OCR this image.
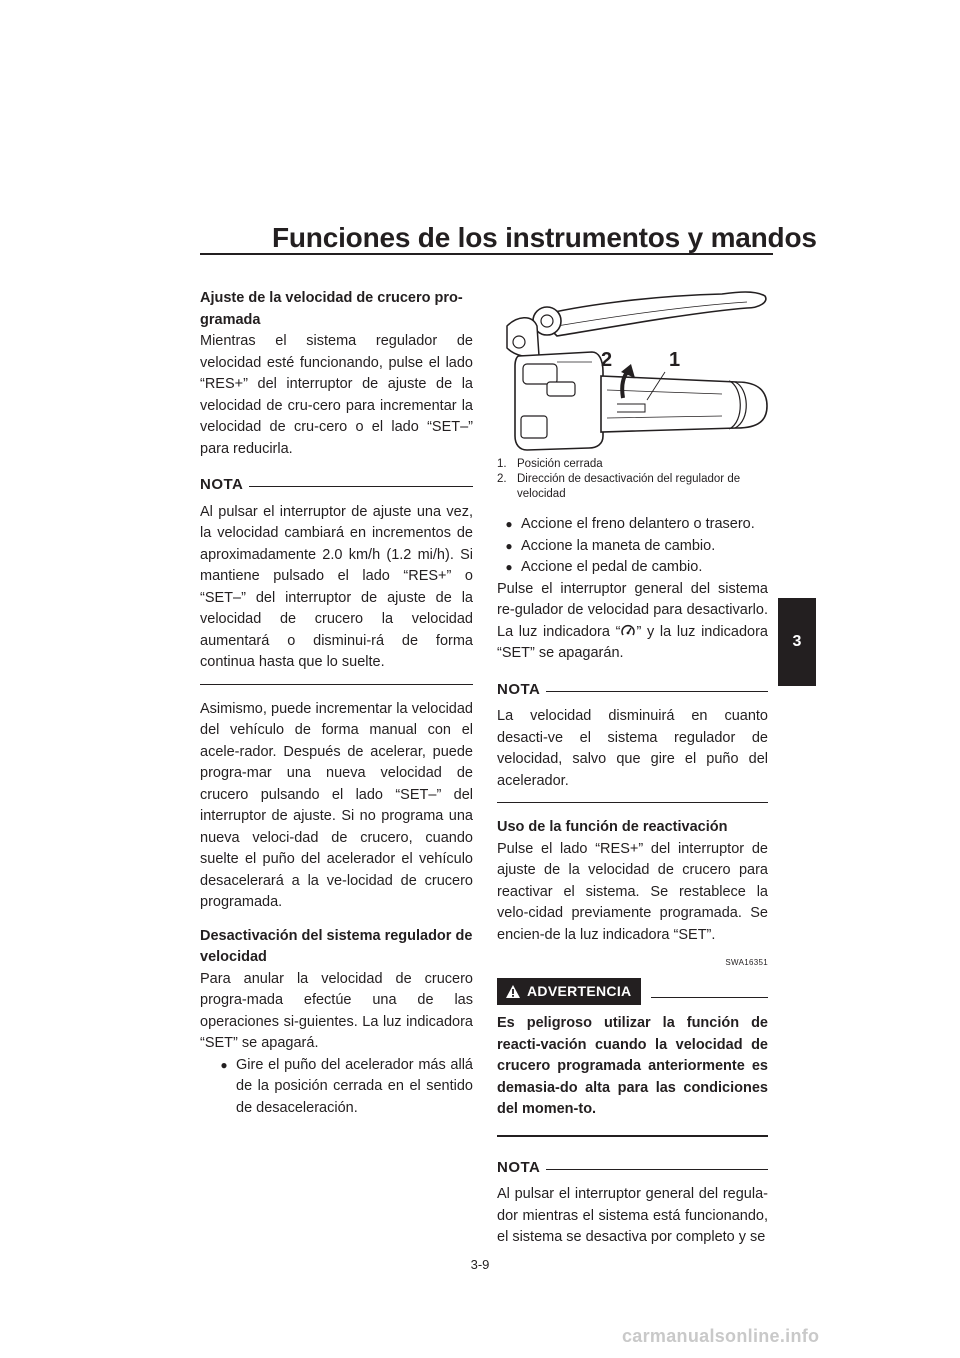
Funciones de los instrumentos y mandos
3

Ajuste de la velocidad de crucero pro-gramada

Mientras el sistema regulador de velocidad esté funcionando, pulse el lado “RES+” del interruptor de ajuste de la velocidad de cru-cero para incrementar la velocidad de cru-cero o el lado “SET–” para reducirla.

NOTA

Al pulsar el interruptor de ajuste una vez, la velocidad cambiará en incrementos de aproximadamente 2.0 km/h (1.2 mi/h). Si mantiene pulsado el lado “RES+” o “SET–” del interruptor de ajuste de la velocidad de crucero la velocidad aumentará o disminui-rá de forma continua hasta que lo suelte.

Asimismo, puede incrementar la velocidad del vehículo de forma manual con el acele-rador. Después de acelerar, puede progra-mar una nueva velocidad de crucero pulsando el lado “SET–” del interruptor de ajuste. Si no programa una nueva veloci-dad de crucero, cuando suelte el puño del acelerador el vehículo desacelerará a la ve-locidad de crucero programada.

Desactivación del sistema regulador de velocidad

Para anular la velocidad de crucero progra-mada efectúe una de las operaciones si-guientes. La luz indicadora “SET” se apagará.

● Gire el puño del acelerador más allá de la posición cerrada en el sentido de desaceleración.
2	1
1. Posición cerrada
2. Dirección de desactivación del regulador de velocidad
● Accione el freno delantero o trasero.
● Accione la maneta de cambio.
● Accione el pedal de cambio.

Pulse el interruptor general del sistema re-gulador de velocidad para desactivarlo. La luz indicadora “ ” y la luz indicadora “SET” se apagarán.

NOTA

La velocidad disminuirá en cuanto desacti-ve el sistema regulador de velocidad, salvo que gire el puño del acelerador.

Uso de la función de reactivación

Pulse el lado “RES+” del interruptor de ajuste de la velocidad de crucero para reactivar el sistema. Se restablece la velo-cidad previamente programada. Se encien-de la luz indicadora “SET”.

SWA16351
ADVERTENCIA

Es peligroso utilizar la función de reacti-vación cuando la velocidad de crucero programada anteriormente es demasia-do alta para las condiciones del momen-to.

NOTA

Al pulsar el interruptor general del regula-dor mientras el sistema está funcionando, el sistema se desactiva por completo y se

3-9
carmanualsonline.info
